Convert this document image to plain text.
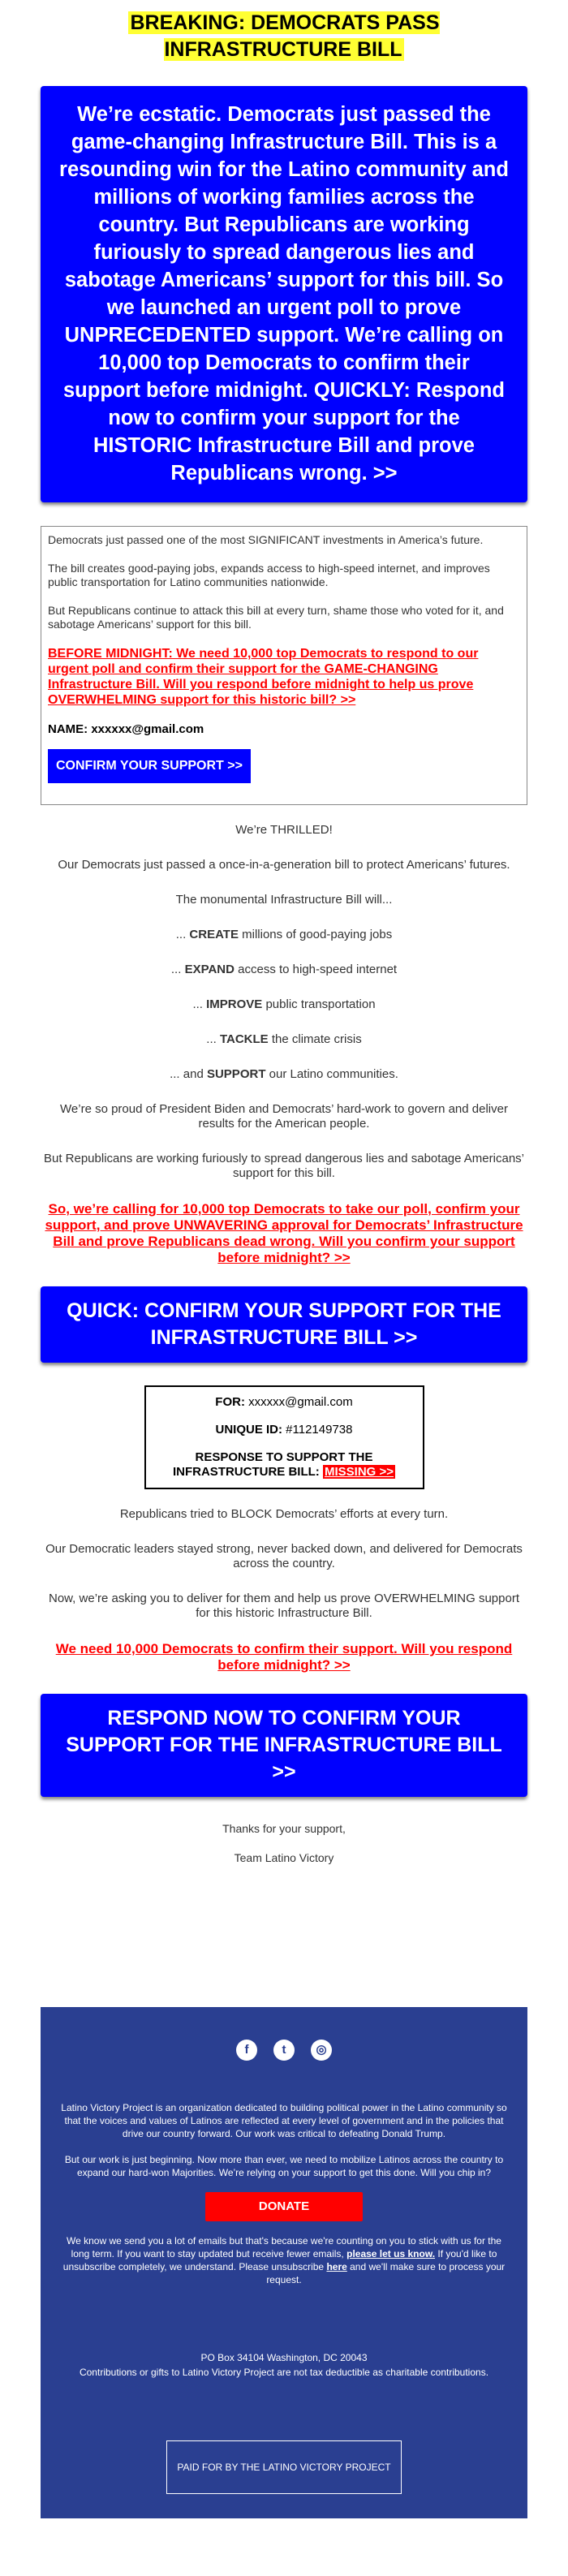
BREAKING: DEMOCRATS PASS INFRASTRUCTURE BILL
We’re ecstatic. Democrats just passed the game-changing Infrastructure Bill. This is a resounding win for the Latino community and millions of working families across the country. But Republicans are working furiously to spread dangerous lies and sabotage Americans’ support for this bill. So we launched an urgent poll to prove UNPRECEDENTED support. We’re calling on 10,000 top Democrats to confirm their support before midnight. QUICKLY: Respond now to confirm your support for the HISTORIC Infrastructure Bill and prove Republicans wrong. >>

Democrats just passed one of the most SIGNIFICANT investments in America’s future.

The bill creates good-paying jobs, expands access to high-speed internet, and improves public transportation for Latino communities nationwide.

But Republicans continue to attack this bill at every turn, shame those who voted for it, and sabotage Americans’ support for this bill.

BEFORE MIDNIGHT: We need 10,000 top Democrats to respond to our urgent poll and confirm their support for the GAME-CHANGING Infrastructure Bill. Will you respond before midnight to help us prove OVERWHELMING support for this historic bill? >>

NAME: xxxxxx@gmail.com

CONFIRM YOUR SUPPORT >>

We’re THRILLED!

Our Democrats just passed a once-in-a-generation bill to protect Americans’ futures.

The monumental Infrastructure Bill will...

... CREATE millions of good-paying jobs

... EXPAND access to high-speed internet

... IMPROVE public transportation

... TACKLE the climate crisis

... and SUPPORT our Latino communities.

We’re so proud of President Biden and Democrats’ hard-work to govern and deliver results for the American people.

But Republicans are working furiously to spread dangerous lies and sabotage Americans’ support for this bill.

So, we’re calling for 10,000 top Democrats to take our poll, confirm your support, and prove UNWAVERING approval for Democrats’ Infrastructure Bill and prove Republicans dead wrong. Will you confirm your support before midnight? >>

QUICK: CONFIRM YOUR SUPPORT FOR THE INFRASTRUCTURE BILL >>

FOR: xxxxxx@gmail.com

UNIQUE ID: #112149738

RESPONSE TO SUPPORT THE INFRASTRUCTURE BILL: MISSING >>

Republicans tried to BLOCK Democrats’ efforts at every turn.

Our Democratic leaders stayed strong, never backed down, and delivered for Democrats across the country.

Now, we’re asking you to deliver for them and help us prove OVERWHELMING support for this historic Infrastructure Bill.

We need 10,000 Democrats to confirm their support. Will you respond before midnight? >>

RESPOND NOW TO CONFIRM YOUR SUPPORT FOR THE INFRASTRUCTURE BILL >>

Thanks for your support,

Team Latino Victory

f	t	◎

Latino Victory Project is an organization dedicated to building political power in the Latino community so that the voices and values of Latinos are reflected at every level of government and in the policies that drive our country forward. Our work was critical to defeating Donald Trump.

But our work is just beginning. Now more than ever, we need to mobilize Latinos across the country to expand our hard-won Majorities. We’re relying on your support to get this done. Will you chip in?

DONATE

We know we send you a lot of emails but that's because we're counting on you to stick with us for the long term. If you want to stay updated but receive fewer emails, please let us know. If you'd like to unsubscribe completely, we understand. Please unsubscribe here and we'll make sure to process your request.

PO Box 34104 Washington, DC 20043

Contributions or gifts to Latino Victory Project are not tax deductible as charitable contributions.

PAID FOR BY THE LATINO VICTORY PROJECT
